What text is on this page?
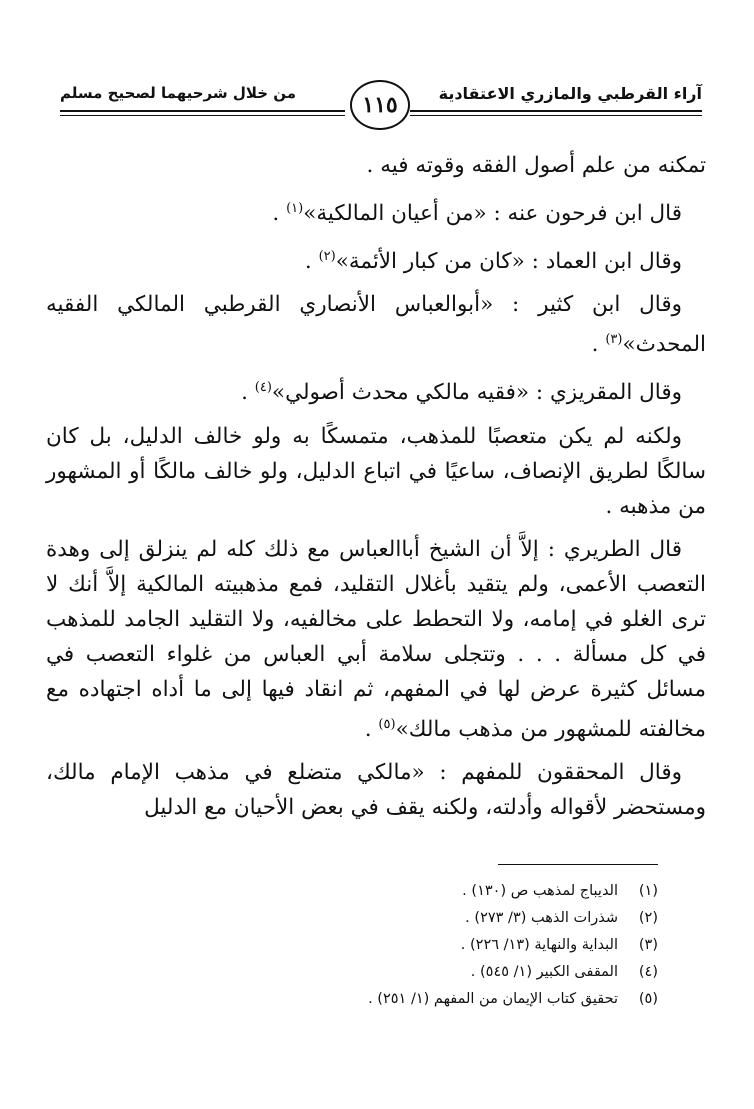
آراء القرطبي والمازري الاعتقادية
من خلال شرحيهما لصحيح مسلم	١١٥

تمكنه من علم أصول الفقه وقوته فيه .

قال ابن فرحون عنه : «من أعيان المالكية»$^{(١)}$ .

وقال ابن العماد : «كان من كبار الأئمة»$^{(٢)}$ .

وقال ابن كثير : «أبوالعباس الأنصاري القرطبي المالكي الفقيه المحدث»$^{(٣)}$ .

وقال المقريزي : «فقيه مالكي محدث أصولي»$^{(٤)}$ .

ولكنه لم يكن متعصبًا للمذهب، متمسكًا به ولو خالف الدليل، بل كان سالكًا لطريق الإنصاف، ساعيًا في اتباع الدليل، ولو خالف مالكًا أو المشهور من مذهبه .

قال الطريري : إلاَّ أن الشيخ أباالعباس مع ذلك كله لم ينزلق إلى وهدة التعصب الأعمى، ولم يتقيد بأغلال التقليد، فمع مذهبيته المالكية إلاَّ أنك لا ترى الغلو في إمامه، ولا التحطط على مخالفيه، ولا التقليد الجامد للمذهب في كل مسألة . . . وتتجلى سلامة أبي العباس من غلواء التعصب في مسائل كثيرة عرض لها في المفهم، ثم انقاد فيها إلى ما أداه اجتهاده مع مخالفته للمشهور من مذهب مالك»$^{(٥)}$ .

وقال المحققون للمفهم : «مالكي متضلع في مذهب الإمام مالك، ومستحضر لأقواله وأدلته، ولكنه يقف في بعض الأحيان مع الدليل

(١)
الديباج لمذهب ص (١٣٠) .
(٢)
شذرات الذهب (٣/ ٢٧٣) .
(٣)
البداية والنهاية (١٣/ ٢٢٦) .
(٤)
المقفى الكبير (١/ ٥٤٥) .
(٥)
تحقيق كتاب الإيمان من المفهم (١/ ٢٥١) .
